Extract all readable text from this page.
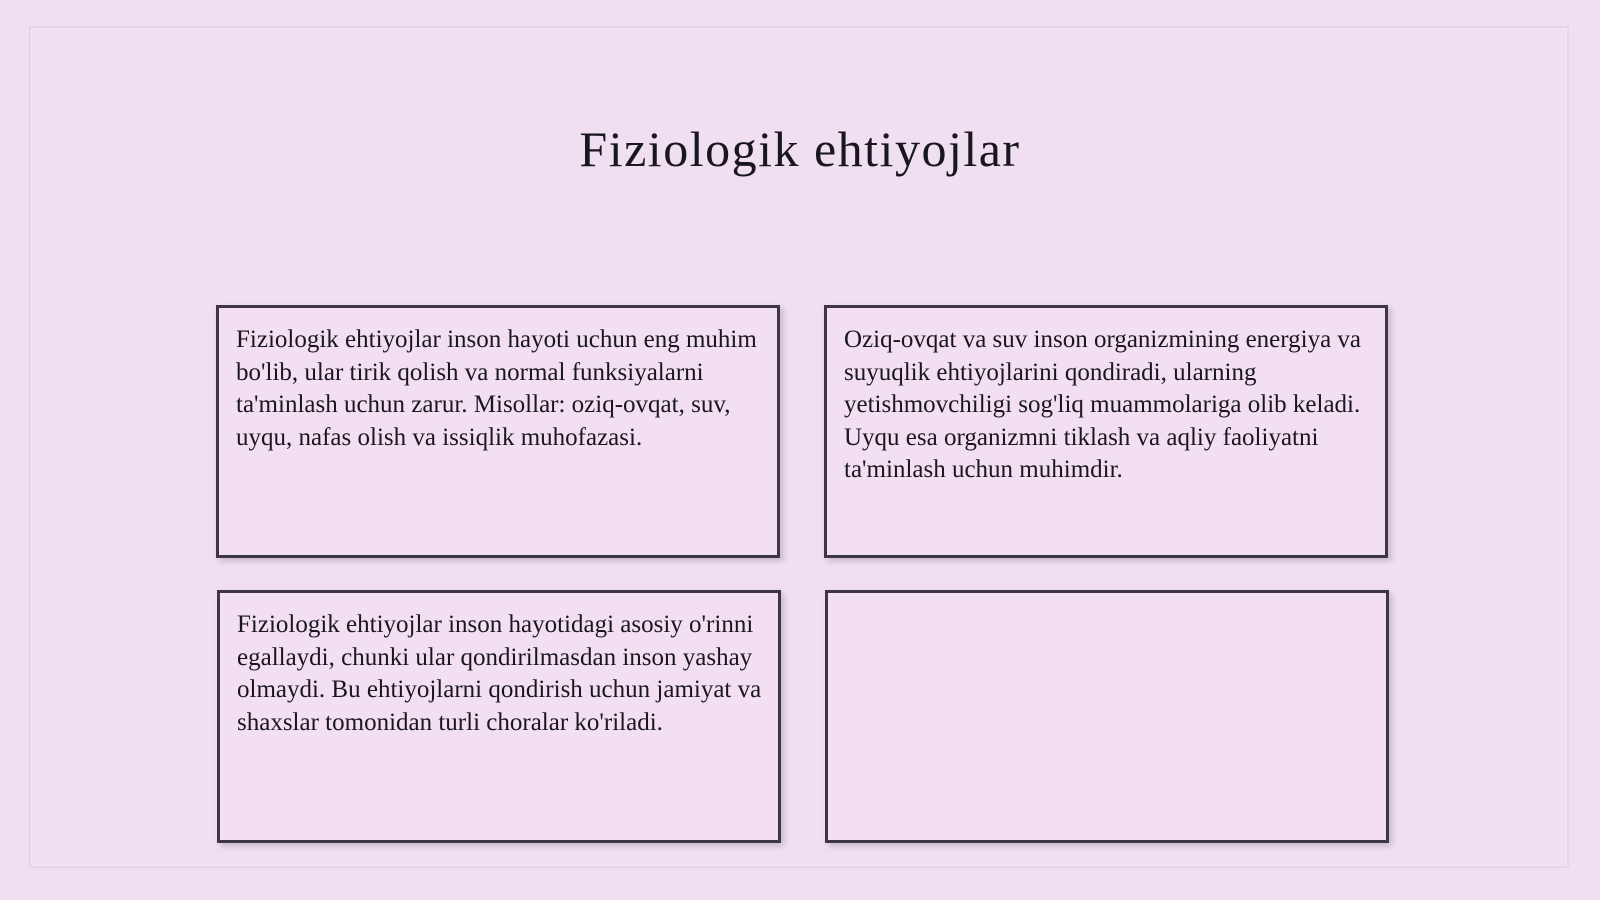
Fiziologik ehtiyojlar

Fiziologik ehtiyojlar inson hayoti uchun eng muhim bo'lib, ular tirik qolish va normal funksiyalarni ta'minlash uchun zarur. Misollar: oziq-ovqat, suv, uyqu, nafas olish va issiqlik muhofazasi.

Oziq-ovqat va suv inson organizmining energiya va suyuqlik ehtiyojlarini qondiradi, ularning yetishmovchiligi sog'liq muammolariga olib keladi. Uyqu esa organizmni tiklash va aqliy faoliyatni ta'minlash uchun muhimdir.

Fiziologik ehtiyojlar inson hayotidagi asosiy o'rinni egallaydi, chunki ular qondirilmasdan inson yashay olmaydi. Bu ehtiyojlarni qondirish uchun jamiyat va shaxslar tomonidan turli choralar ko'riladi.
